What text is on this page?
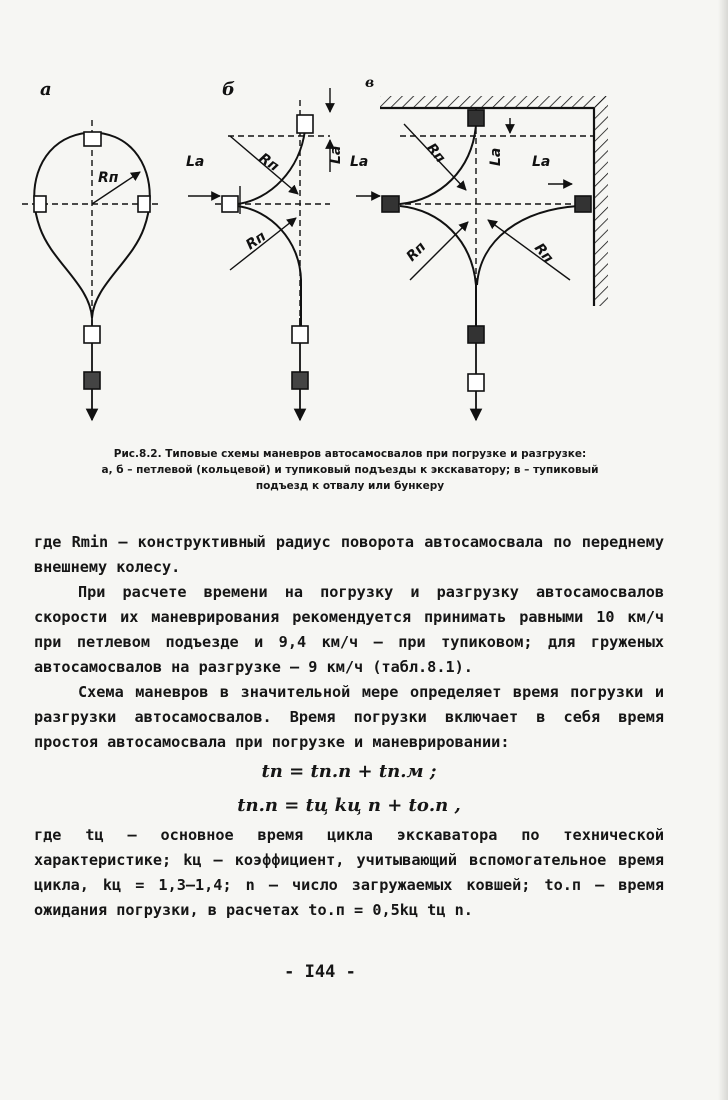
а	б	в
Rп
La	Rп
Rп
La La	La
La
Rп
Rп	Rп
Рис.8.2. Типовые схемы маневров автосамосвалов при погрузке и разгрузке:
а, б – петлевой (кольцевой) и тупиковый подъезды к экскаватору; в – тупиковый
подъезд к отвалу или бункеру

где Rmin – конструктивный радиус поворота автосамосвала по переднему внешнему колесу.

При расчете времени на погрузку и разгрузку автосамосвалов скорости их маневрирования рекомендуется принимать равными 10 км/ч при петлевом подъезде и 9,4 км/ч – при тупиковом; для груженых автосамосвалов на разгрузке – 9 км/ч (табл.8.1).

Схема маневров в значительной мере определяет время погрузки и разгрузки автосамосвалов. Время погрузки включает в себя время простоя автосамосвала при погрузке и маневрировании:

tп = tп.п + tп.м ;
tп.п = tц kц n + tо.п ,

где tц – основное время цикла экскаватора по технической характеристике; kц – коэффициент, учитывающий вспомогательное время цикла, kц = 1,3–1,4; n – число загружаемых ковшей; tо.п – время ожидания погрузки, в расчетах tо.п = 0,5kц tц n.

- I44 -
